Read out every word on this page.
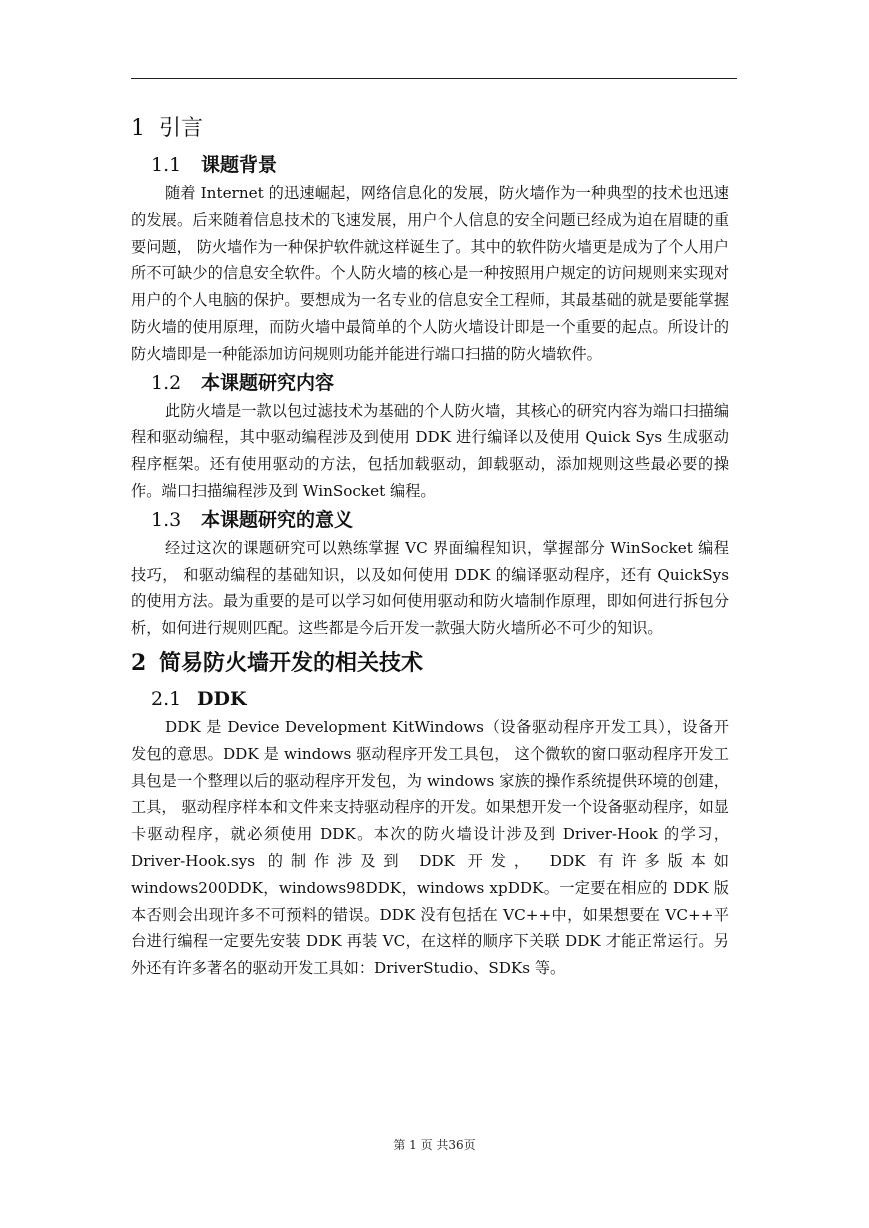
1 引言
1.1 课题背景

随着 Internet 的迅速崛起，网络信息化的发展，防火墙作为一种典型的技术也迅速的发展。后来随着信息技术的飞速发展，用户个人信息的安全问题已经成为迫在眉睫的重要问题， 防火墙作为一种保护软件就这样诞生了。其中的软件防火墙更是成为了个人用户所不可缺少的信息安全软件。个人防火墙的核心是一种按照用户规定的访问规则来实现对用户的个人电脑的保护。要想成为一名专业的信息安全工程师，其最基础的就是要能掌握防火墙的使用原理，而防火墙中最简单的个人防火墙设计即是一个重要的起点。所设计的防火墙即是一种能添加访问规则功能并能进行端口扫描的防火墙软件。

1.2 本课题研究内容

此防火墙是一款以包过滤技术为基础的个人防火墙，其核心的研究内容为端口扫描编程和驱动编程，其中驱动编程涉及到使用 DDK 进行编译以及使用 Quick Sys 生成驱动程序框架。还有使用驱动的方法，包括加载驱动，卸载驱动，添加规则这些最必要的操作。端口扫描编程涉及到 WinSocket 编程。

1.3 本课题研究的意义

经过这次的课题研究可以熟练掌握 VC 界面编程知识，掌握部分 WinSocket 编程技巧， 和驱动编程的基础知识，以及如何使用 DDK 的编译驱动程序，还有 QuickSys 的使用方法。最为重要的是可以学习如何使用驱动和防火墙制作原理，即如何进行拆包分析，如何进行规则匹配。这些都是今后开发一款强大防火墙所必不可少的知识。

2 简易防火墙开发的相关技术
2.1 DDK

DDK 是 Device Development KitWindows（设备驱动程序开发工具），设备开发包的意思。DDK 是 windows 驱动程序开发工具包， 这个微软的窗口驱动程序开发工具包是一个整理以后的驱动程序开发包，为 windows 家族的操作系统提供环境的创建，工具， 驱动程序样本和文件来支持驱动程序的开发。如果想开发一个设备驱动程序，如显卡驱动程序，就必须使用 DDK。本次的防火墙设计涉及到 Driver-Hook 的学习，Driver-Hook.sys 的制作涉及到 DDK 开发， DDK 有许多版本如 windows200DDK，windows98DDK，windows xpDDK。一定要在相应的 DDK 版本否则会出现许多不可预料的错误。DDK 没有包括在 VC++中，如果想要在 VC++平台进行编程一定要先安装 DDK 再装 VC，在这样的顺序下关联 DDK 才能正常运行。另外还有许多著名的驱动开发工具如：DriverStudio、SDKs 等。

第 1 页 共36页
